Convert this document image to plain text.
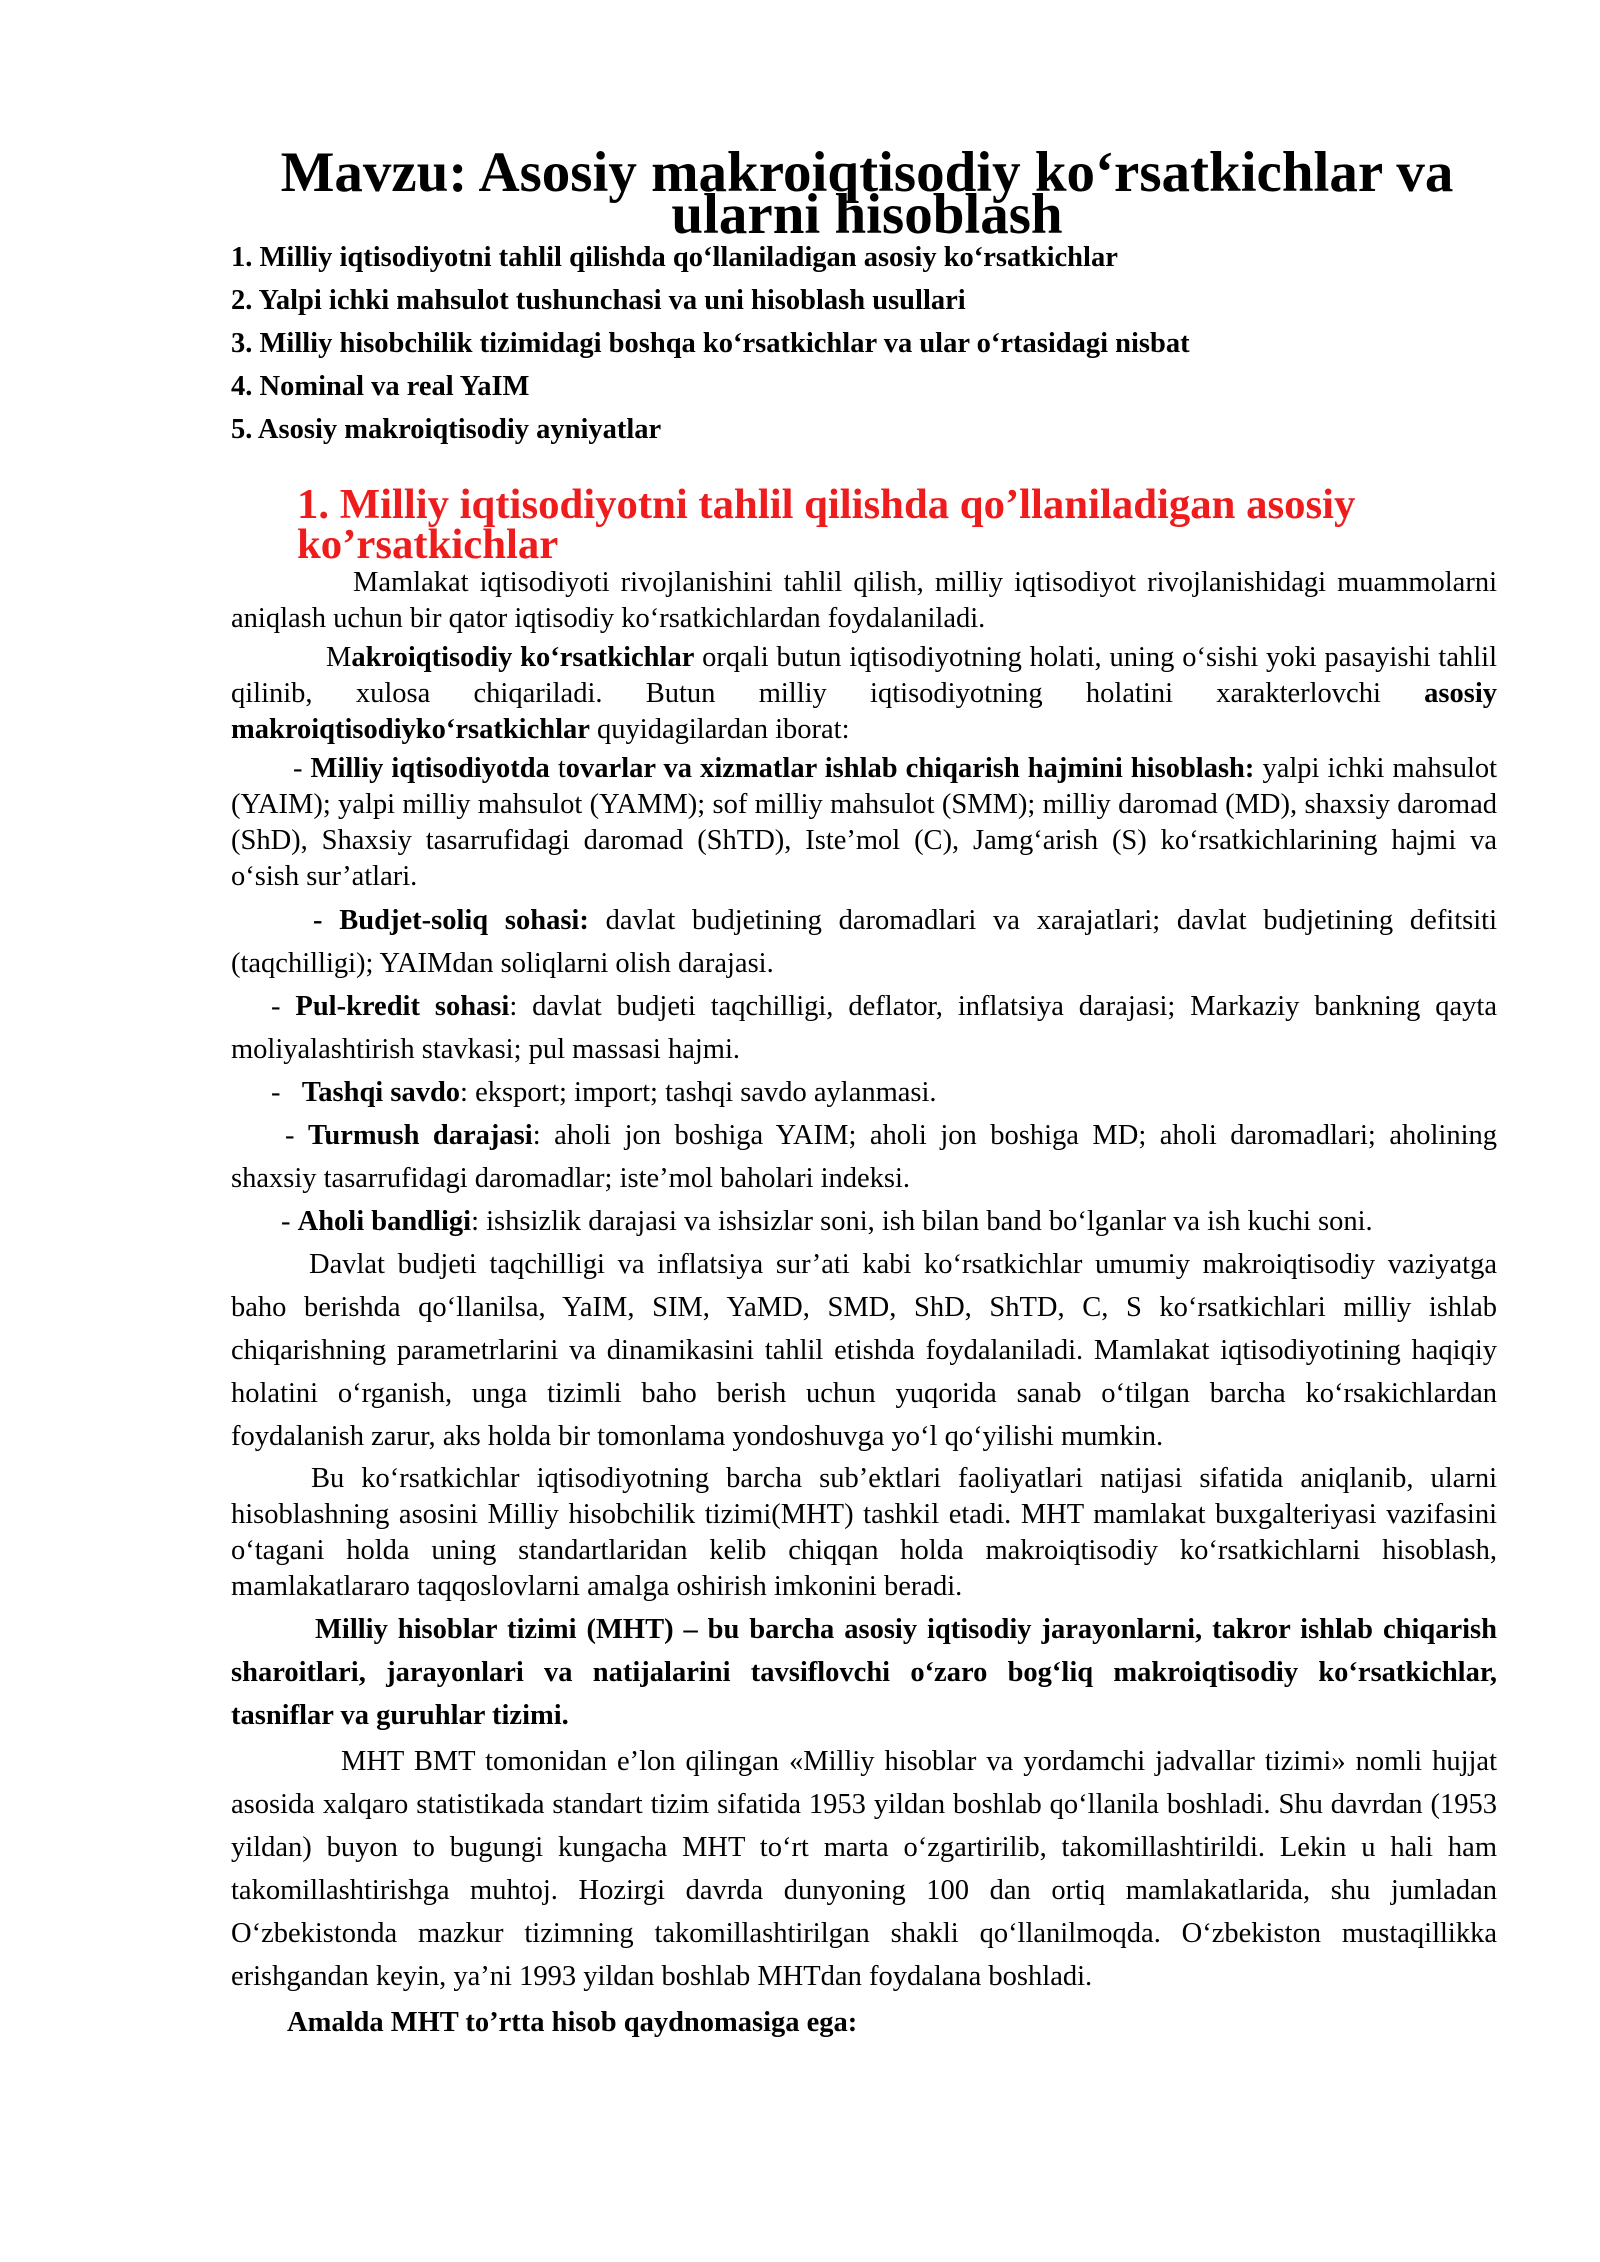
Mavzu: Asosiy makroiqtisodiy ko‘rsatkichlar va ularni hisoblash
1. Milliy iqtisodiyotni tahlil qilishda qo‘llaniladigan asosiy ko‘rsatkichlar
2. Yalpi ichki mahsulot tushunchasi va uni hisoblash usullari
3. Milliy hisobchilik tizimidagi boshqa ko‘rsatkichlar va ular o‘rtasidagi nisbat
4. Nominal va real YaIM
5. Asosiy makroiqtisodiy ayniyatlar
1. Milliy iqtisodiyotni tahlil qilishda qo’llaniladigan asosiy ko’rsatkichlar

Mamlakat iqtisodiyoti rivojlanishini tahlil qilish, milliy iqtisodiyot rivojlanishidagi muammolarni aniqlash uchun bir qator iqtisodiy ko‘rsatkichlardan foydalaniladi.

Makroiqtisodiy ko‘rsatkichlar orqali butun iqtisodiyotning holati, uning o‘sishi yoki pasayishi tahlil qilinib, xulosa chiqariladi. Butun milliy iqtisodiyotning holatini xarakterlovchi asosiy makroiqtisodiyko‘rsatkichlar quyidagilardan iborat:

- Milliy iqtisodiyotda tovarlar va xizmatlar ishlab chiqarish hajmini hisoblash: yalpi ichki mahsulot (YAIM); yalpi milliy mahsulot (YAMM); sof milliy mahsulot (SMM); milliy daromad (MD), shaxsiy daromad (ShD), Shaxsiy tasarrufidagi daromad (ShTD), Iste’mol (C), Jamg‘arish (S) ko‘rsatkichlarining hajmi va o‘sish sur’atlari.

- Budjet-soliq sohasi: davlat budjetining daromadlari va xarajatlari; davlat budjetining defitsiti (taqchilligi); YAIMdan soliqlarni olish darajasi.

- Pul-kredit sohasi: davlat budjeti taqchilligi, deflator, inflatsiya darajasi; Markaziy bankning qayta moliyalashtirish stavkasi; pul massasi hajmi.

-   Tashqi savdo: eksport; import; tashqi savdo aylanmasi.

- Turmush darajasi: aholi jon boshiga YAIM; aholi jon boshiga MD; aholi daromadlari; aholining shaxsiy tasarrufidagi daromadlar; iste’mol baholari indeksi.

- Aholi bandligi: ishsizlik darajasi va ishsizlar soni, ish bilan band bo‘lganlar va ish kuchi soni.

Davlat budjeti taqchilligi va inflatsiya sur’ati kabi ko‘rsatkichlar umumiy makroiqtisodiy vaziyatga baho berishda qo‘llanilsa, YaIM, SIM, YaMD, SMD, ShD, ShTD, C, S ko‘rsatkichlari milliy ishlab chiqarishning parametrlarini va dinamikasini tahlil etishda foydalaniladi. Mamlakat iqtisodiyotining haqiqiy holatini o‘rganish, unga tizimli baho berish uchun yuqorida sanab o‘tilgan barcha ko‘rsakichlardan foydalanish zarur, aks holda bir tomonlama yondoshuvga yo‘l qo‘yilishi mumkin.

Bu ko‘rsatkichlar iqtisodiyotning barcha sub’ektlari faoliyatlari natijasi sifatida aniqlanib, ularni hisoblashning asosini Milliy hisobchilik tizimi(MHT) tashkil etadi. MHT mamlakat buxgalteriyasi vazifasini o‘tagani holda uning standartlaridan kelib chiqqan holda makroiqtisodiy ko‘rsatkichlarni hisoblash, mamlakatlararo taqqoslovlarni amalga oshirish imkonini beradi.

Milliy hisoblar tizimi (MHT) – bu barcha asosiy iqtisodiy jarayonlarni, takror ishlab chiqarish sharoitlari, jarayonlari va natijalarini tavsiflovchi o‘zaro bog‘liq makroiqtisodiy ko‘rsatkichlar, tasniflar va guruhlar tizimi.

MHT BMT tomonidan e’lon qilingan «Milliy hisoblar va yordamchi jadvallar tizimi» nomli hujjat asosida xalqaro statistikada standart tizim sifatida 1953 yildan boshlab qo‘llanila boshladi. Shu davrdan (1953 yildan) buyon to bugungi kungacha MHT to‘rt marta o‘zgartirilib, takomillashtirildi. Lekin u hali ham takomillashtirishga muhtoj. Hozirgi davrda dunyoning 100 dan ortiq mamlakatlarida, shu jumladan O‘zbekistonda mazkur tizimning takomillashtirilgan shakli qo‘llanilmoqda. O‘zbekiston mustaqillikka erishgandan keyin, ya’ni 1993 yildan boshlab MHTdan foydalana boshladi.

Amalda MHT to’rtta hisob qaydnomasiga ega:
